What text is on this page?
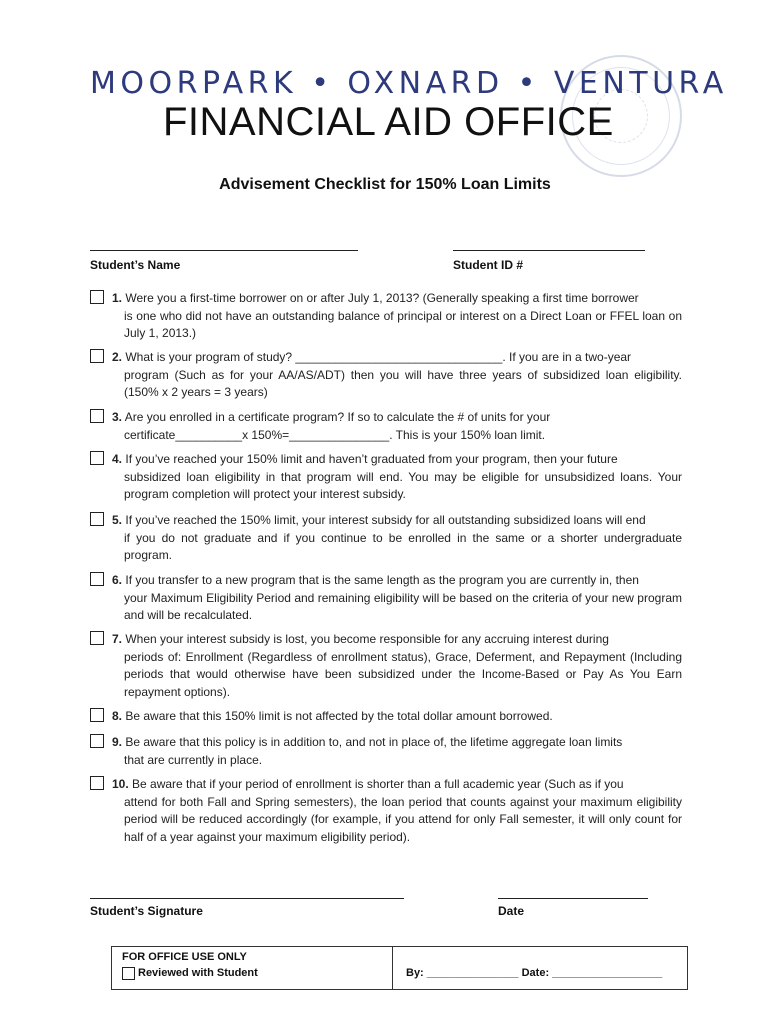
MOORPARK • OXNARD • VENTURA
FINANCIAL AID OFFICE
Advisement Checklist for 150% Loan Limits
Student’s Name	Student ID #
1. Were you a first-time borrower on or after July 1, 2013? (Generally speaking a first time borrower
is one who did not have an outstanding balance of principal or interest on a Direct Loan or FFEL loan on July 1, 2013.)
2. What is your program of study? _______________________________. If you are in a two-year
program (Such as for your AA/AS/ADT) then you will have three years of subsidized loan eligibility. (150% x 2 years = 3 years)
3. Are you enrolled in a certificate program? If so to calculate the # of units for your
certificate__________x 150%=_______________. This is your 150% loan limit.
4. If you’ve reached your 150% limit and haven’t graduated from your program, then your future
subsidized loan eligibility in that program will end. You may be eligible for unsubsidized loans. Your program completion will protect your interest subsidy.
5. If you’ve reached the 150% limit, your interest subsidy for all outstanding subsidized loans will end
if you do not graduate and if you continue to be enrolled in the same or a shorter undergraduate program.
6. If you transfer to a new program that is the same length as the program you are currently in, then
your Maximum Eligibility Period and remaining eligibility will be based on the criteria of your new program and will be recalculated.
7. When your interest subsidy is lost, you become responsible for any accruing interest during
periods of: Enrollment (Regardless of enrollment status), Grace, Deferment, and Repayment (Including periods that would otherwise have been subsidized under the Income-Based or Pay As You Earn repayment options).
8. Be aware that this 150% limit is not affected by the total dollar amount borrowed.
9. Be aware that this policy is in addition to, and not in place of, the lifetime aggregate loan limits
that are currently in place.
10. Be aware that if your period of enrollment is shorter than a full academic year (Such as if you
attend for both Fall and Spring semesters), the loan period that counts against your maximum eligibility period will be reduced accordingly (for example, if you attend for only Fall semester, it will only count for half of a year against your maximum eligibility period).
Student’s Signature	Date
FOR OFFICE USE ONLY
Reviewed with Student	By: _______________ Date: __________________
